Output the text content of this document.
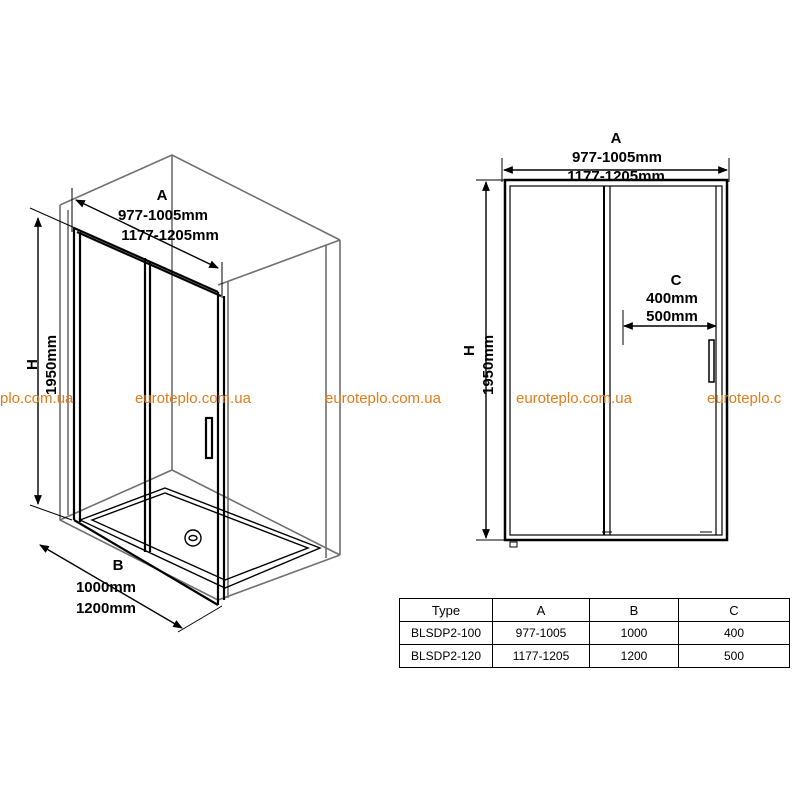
A
977-1005mm
1177-1205mm
H 1950mm
B
1000mm
1200mm
A
977-1005mm
1177-1205mm
H 1950mm
C
400mm
500mm
plo.com.ua	euroteplo.com.ua	euroteplo.com.ua	euroteplo.com.ua	euroteplo.c
Type	A	B	C
BLSDP2-100	977-1005	1000	400
BLSDP2-120	1177-1205	1200	500
